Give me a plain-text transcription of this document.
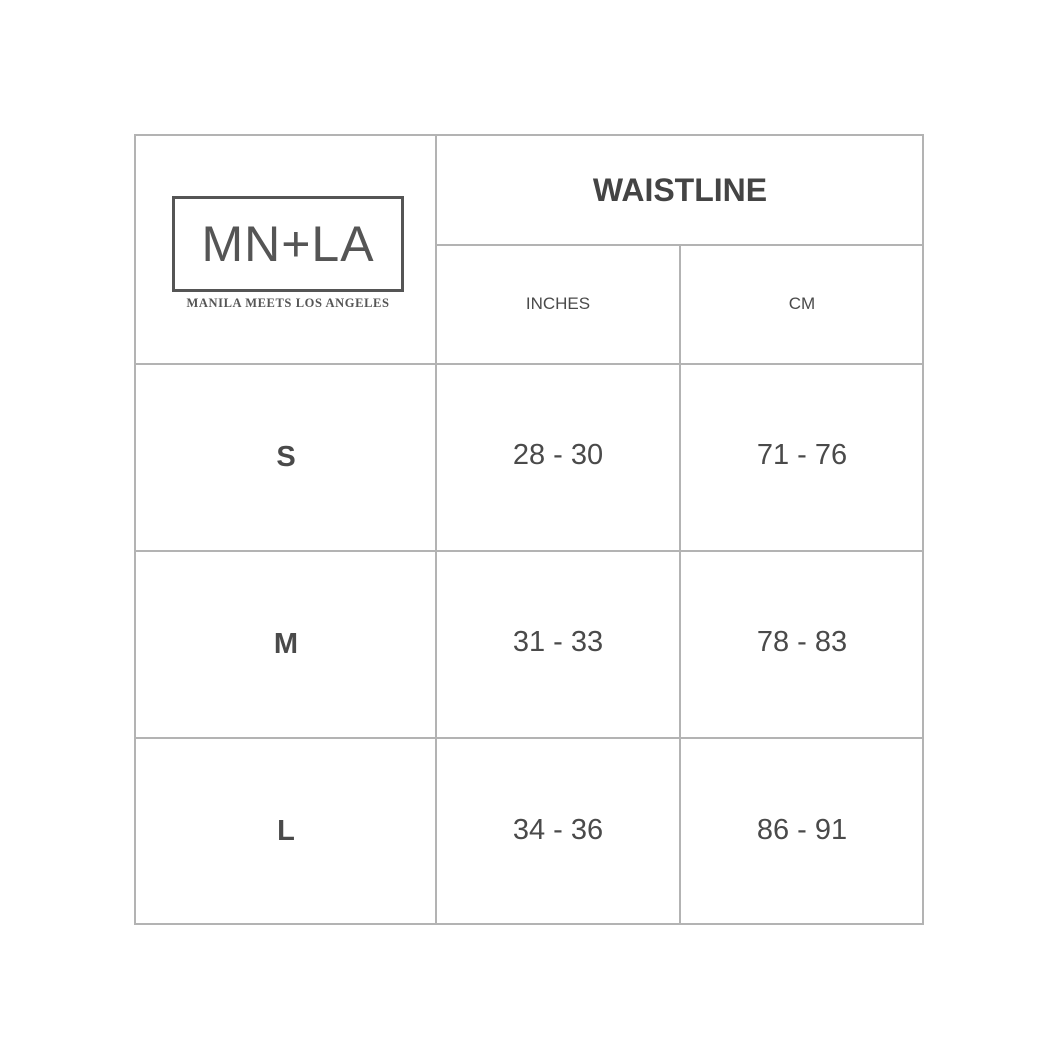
MN+LA
MANILA MEETS LOS ANGELES
WAISTLINE
INCHES	CM
S	28 - 30	71 - 76
M	31 - 33	78 - 83
L	34 - 36	86 - 91
